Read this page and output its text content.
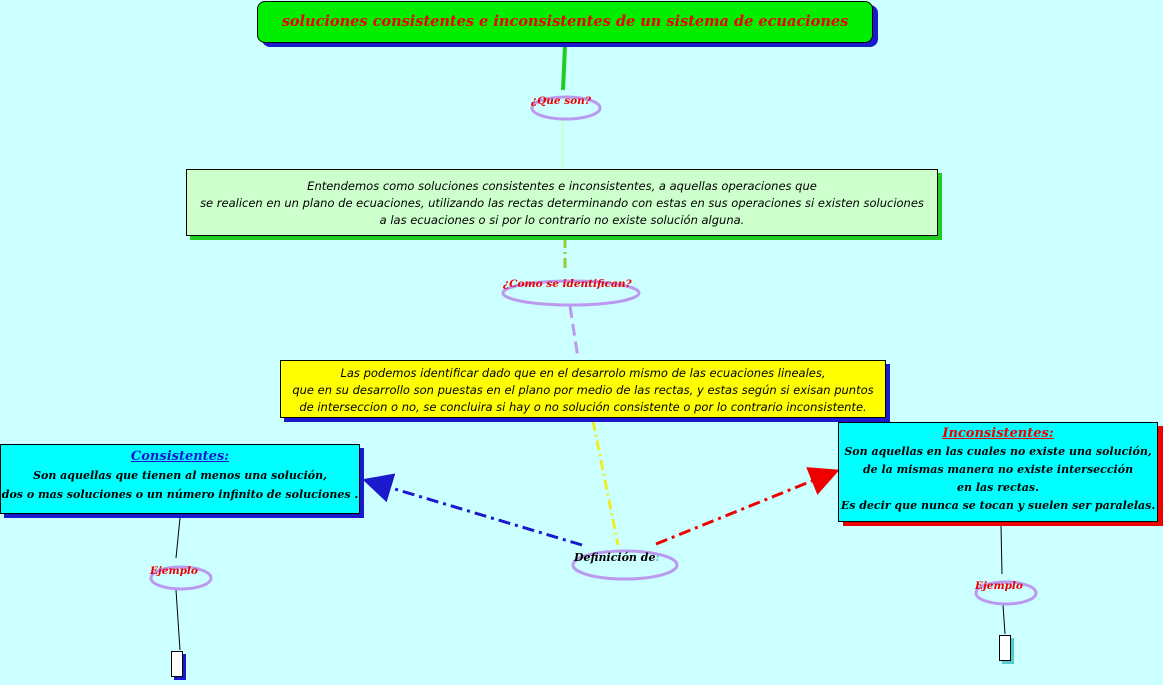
soluciones consistentes e inconsistentes de un sistema de ecuaciones
¿Que son?
Entendemos como soluciones consistentes e inconsistentes, a aquellas operaciones que
se realicen en un plano de ecuaciones, utilizando las rectas determinando con estas en sus operaciones si existen soluciones
a las ecuaciones o si por lo contrario no existe solución alguna.
¿Como se identifican?
Las podemos identificar dado que en el desarrolo mismo de las ecuaciones lineales,
que en su desarrollo son puestas en el plano por medio de las rectas, y estas según si exisan puntos
de interseccion o no, se concluira si hay o no solución consistente o por lo contrario inconsistente.
Consistentes:
Son aquellas que tienen al menos una solución,
dos o mas soluciones o un número infinito de soluciones .
Inconsistentes:
Son aquellas en las cuales no existe una solución,
de la mismas manera no existe intersección
en las rectas.
Es decir que nunca se tocan y suelen ser paralelas.
Definición de:
Ejemplo
Ejemplo
